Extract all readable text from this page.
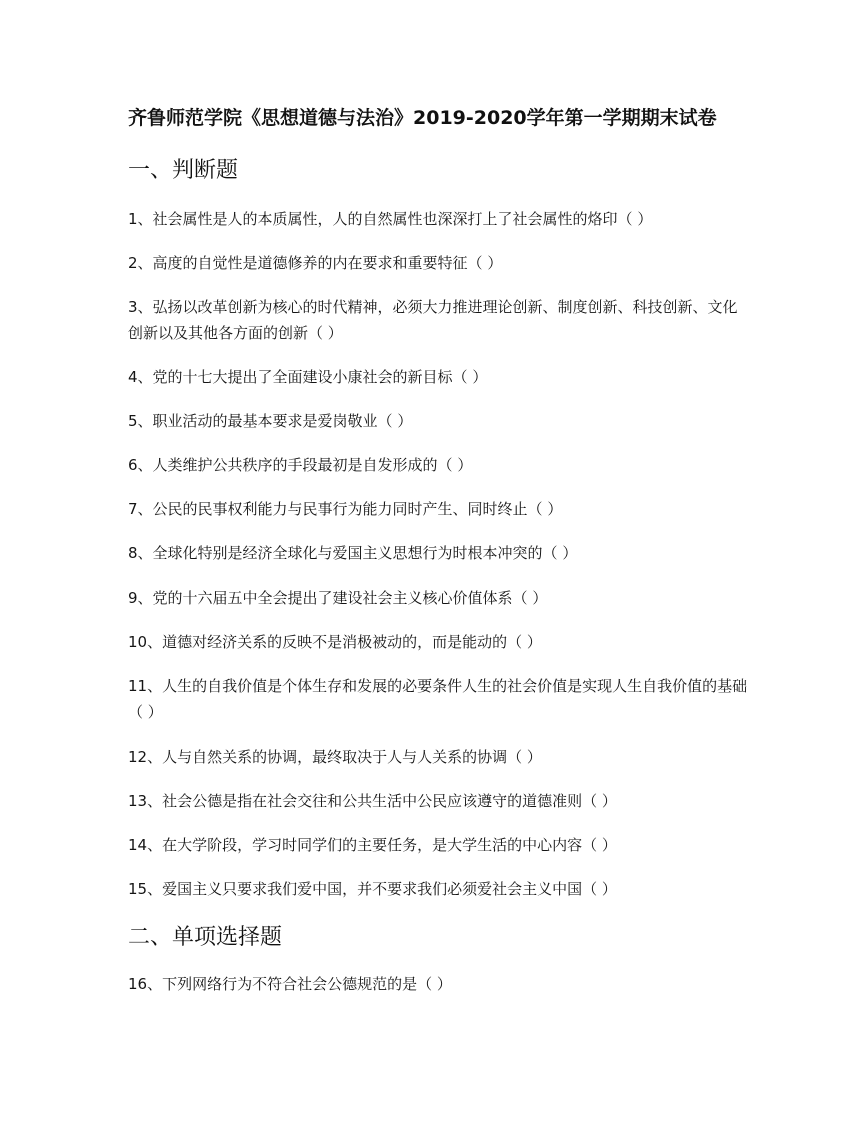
齐鲁师范学院《思想道德与法治》2019-2020学年第一学期期末试卷
一、判断题
1、社会属性是人的本质属性，人的自然属性也深深打上了社会属性的烙印（ ）
2、高度的自觉性是道德修养的内在要求和重要特征（ ）
3、弘扬以改革创新为核心的时代精神，必须大力推进理论创新、制度创新、科技创新、文化创新以及其他各方面的创新（ ）
4、党的十七大提出了全面建设小康社会的新目标（ ）
5、职业活动的最基本要求是爱岗敬业（ ）
6、人类维护公共秩序的手段最初是自发形成的（ ）
7、公民的民事权利能力与民事行为能力同时产生、同时终止（ ）
8、全球化特别是经济全球化与爱国主义思想行为时根本冲突的（ ）
9、党的十六届五中全会提出了建设社会主义核心价值体系（ ）
10、道德对经济关系的反映不是消极被动的，而是能动的（ ）
11、人生的自我价值是个体生存和发展的必要条件人生的社会价值是实现人生自我价值的基础（ ）
12、人与自然关系的协调，最终取决于人与人关系的协调（ ）
13、社会公德是指在社会交往和公共生活中公民应该遵守的道德准则（ ）
14、在大学阶段，学习时同学们的主要任务，是大学生活的中心内容（ ）
15、爱国主义只要求我们爱中国，并不要求我们必须爱社会主义中国（ ）
二、单项选择题
16、下列网络行为不符合社会公德规范的是（ ）
